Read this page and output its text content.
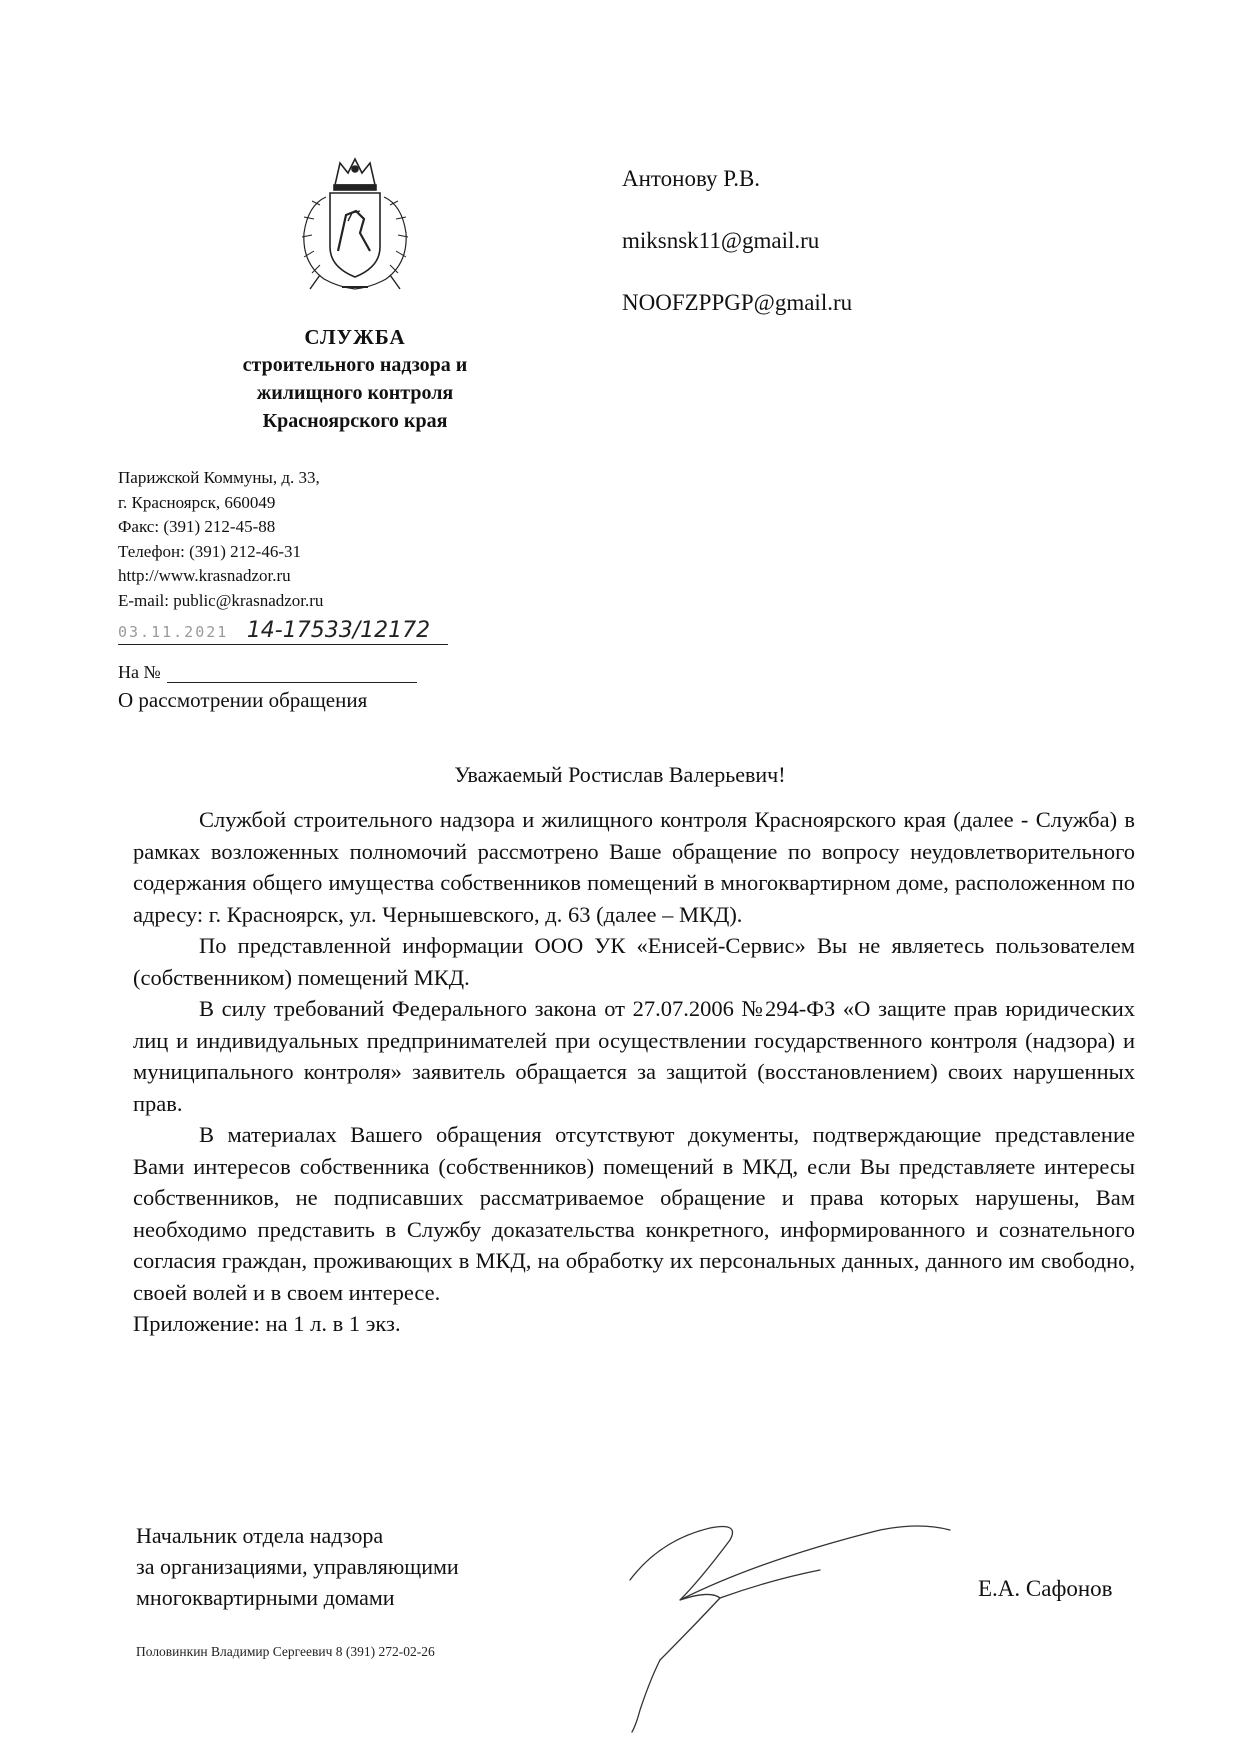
СЛУЖБА
строительного надзора и
жилищного контроля
Красноярского края
Парижской Коммуны, д. 33,
г. Красноярск, 660049
Факс: (391) 212-45-88
Телефон: (391) 212-46-31
http://www.krasnadzor.ru
E-mail: public@krasnadzor.ru
03.11.2021 14-17533/12172
На №
О рассмотрении обращения
Антонову Р.В.
miksnsk11@gmail.ru
NOOFZPPGP@gmail.ru
Уважаемый Ростислав Валерьевич!

Службой строительного надзора и жилищного контроля Красноярского края (далее - Служба) в рамках возложенных полномочий рассмотрено Ваше обращение по вопросу неудовлетворительного содержания общего имущества собственников помещений в многоквартирном доме, расположенном по адресу: г. Красноярск, ул. Чернышевского, д. 63 (далее – МКД).

По представленной информации ООО УК «Енисей-Сервис» Вы не являетесь пользователем (собственником) помещений МКД.

В силу требований Федерального закона от 27.07.2006 №294-ФЗ «О защите прав юридических лиц и индивидуальных предпринимателей при осуществлении государственного контроля (надзора) и муниципального контроля» заявитель обращается за защитой (восстановлением) своих нарушенных прав.

В материалах Вашего обращения отсутствуют документы, подтверждающие представление Вами интересов собственника (собственников) помещений в МКД, если Вы представляете интересы собственников, не подписавших рассматриваемое обращение и права которых нарушены, Вам необходимо представить в Службу доказательства конкретного, информированного и сознательного согласия граждан, проживающих в МКД, на обработку их персональных данных, данного им свободно, своей волей и в своем интересе.

Приложение: на 1 л. в 1 экз.

Начальник отдела надзора
за организациями, управляющими
многоквартирными домами	Е.А. Сафонов
Половинкин Владимир Сергеевич 8 (391) 272-02-26
